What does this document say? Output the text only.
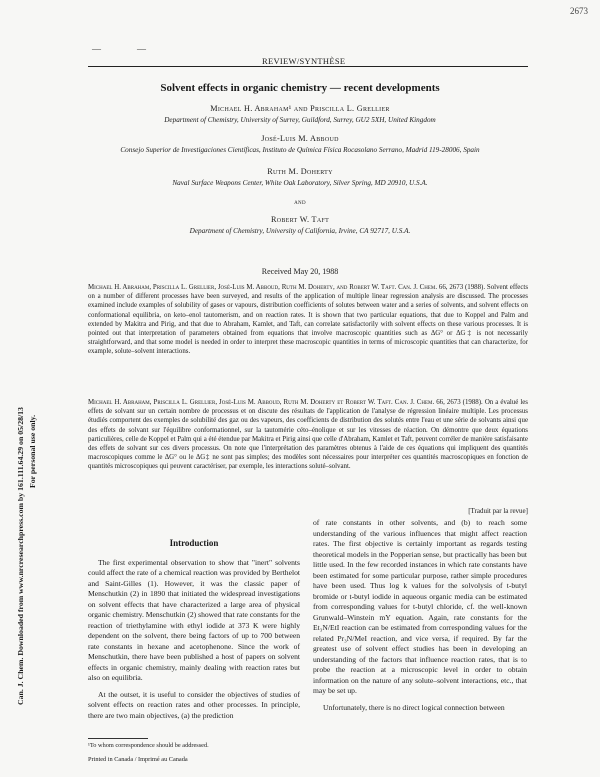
2673
—        —
REVIEW/SYNTHÈSE
Solvent effects in organic chemistry — recent developments
Michael H. Abraham¹ and Priscilla L. Grellier
Department of Chemistry, University of Surrey, Guildford, Surrey, GU2 5XH, United Kingdom
José-Luis M. Abboud
Consejo Superior de Investigaciones Científicas, Instituto de Química Física Rocasolano Serrano, Madrid 119-28006, Spain
Ruth M. Doherty
Naval Surface Weapons Center, White Oak Laboratory, Silver Spring, MD 20910, U.S.A.
and
Robert W. Taft
Department of Chemistry, University of California, Irvine, CA 92717, U.S.A.
Received May 20, 1988
Michael H. Abraham, Priscilla L. Grellier, José-Luis M. Abboud, Ruth M. Doherty, and Robert W. Taft. Can. J. Chem. 66, 2673 (1988). Solvent effects on a number of different processes have been surveyed, and results of the application of multiple linear regression analysis are discussed. The processes examined include examples of solubility of gases or vapours, distribution coefficients of solutes between water and a series of solvents, and solvent effects on conformational equilibria, on keto–enol tautomerism, and on reaction rates. It is shown that two particular equations, that due to Koppel and Palm and extended by Makitra and Pirig, and that due to Abraham, Kamlet, and Taft, can correlate satisfactorily with solvent effects on these various processes. It is pointed out that interpretation of parameters obtained from equations that involve macroscopic quantities such as ΔG° or ΔG‡ is not necessarily straightforward, and that some model is needed in order to interpret these macroscopic quantities in terms of microscopic quantities that can characterize, for example, solute–solvent interactions.
Michael H. Abraham, Priscilla L. Grellier, José-Luis M. Abboud, Ruth M. Doherty et Robert W. Taft. Can. J. Chem. 66, 2673 (1988). On a évalué les effets de solvant sur un certain nombre de processus et on discute des résultats de l'application de l'analyse de régression linéaire multiple. Les processus étudiés comportent des exemples de solubilité des gaz ou des vapeurs, des coefficients de distribution des solutés entre l'eau et une série de solvants ainsi que des effets de solvant sur l'équilibre conformationnel, sur la tautomérie céto–énolique et sur les vitesses de réaction. On démontre que deux équations particulières, celle de Koppel et Palm qui a été étendue par Makitra et Pirig ainsi que celle d'Abraham, Kamlet et Taft, peuvent corréler de manière satisfaisante des effets de solvant sur ces divers processus. On note que l'interprétation des paramètres obtenus à l'aide de ces équations qui impliquent des quantités macroscopiques comme le ΔG° ou le ΔG‡ ne sont pas simples; des modèles sont nécessaires pour interpréter ces quantités macroscopiques en fonction de quantités microscopiques qui peuvent caractériser, par exemple, les interactions soluté–solvant.
[Traduit par la revue]
Can. J. Chem. Downloaded from www.nrcresearchpress.com by 161.111.64.29 on 05/28/13 For personal use only.
Introduction

The first experimental observation to show that "inert" solvents could affect the rate of a chemical reaction was provided by Berthelot and Saint-Gilles (1). However, it was the classic paper of Menschutkin (2) in 1890 that initiated the widespread investigations on solvent effects that have characterized a large area of physical organic chemistry. Menschutkin (2) showed that rate constants for the reaction of triethylamine with ethyl iodide at 373 K were highly dependent on the solvent, there being factors of up to 700 between rate constants in hexane and acetophenone. Since the work of Menschutkin, there have been published a host of papers on solvent effects in organic chemistry, mainly dealing with reaction rates but also on equilibria.

At the outset, it is useful to consider the objectives of studies of solvent effects on reaction rates and other processes. In principle, there are two main objectives, (a) the prediction

of rate constants in other solvents, and (b) to reach some understanding of the various influences that might affect reaction rates. The first objective is certainly important as regards testing theoretical models in the Popperian sense, but practically has been but little used. In the few recorded instances in which rate constants have been estimated for some particular purpose, rather simple procedures have been used. Thus log k values for the solvolysis of t-butyl bromide or t-butyl iodide in aqueous organic media can be estimated from corresponding values for t-butyl chloride, cf. the well-known Grunwald–Winstein mY equation. Again, rate constants for the Et₃N/EtI reaction can be estimated from corresponding values for the related Pr₃N/MeI reaction, and vice versa, if required. By far the greatest use of solvent effect studies has been in developing an understanding of the factors that influence reaction rates, that is to probe the reaction at a microscopic level in order to obtain information on the nature of any solute–solvent interactions, etc., that may be set up.

Unfortunately, there is no direct logical connection between

¹To whom correspondence should be addressed.
Printed in Canada / Imprimé au Canada
